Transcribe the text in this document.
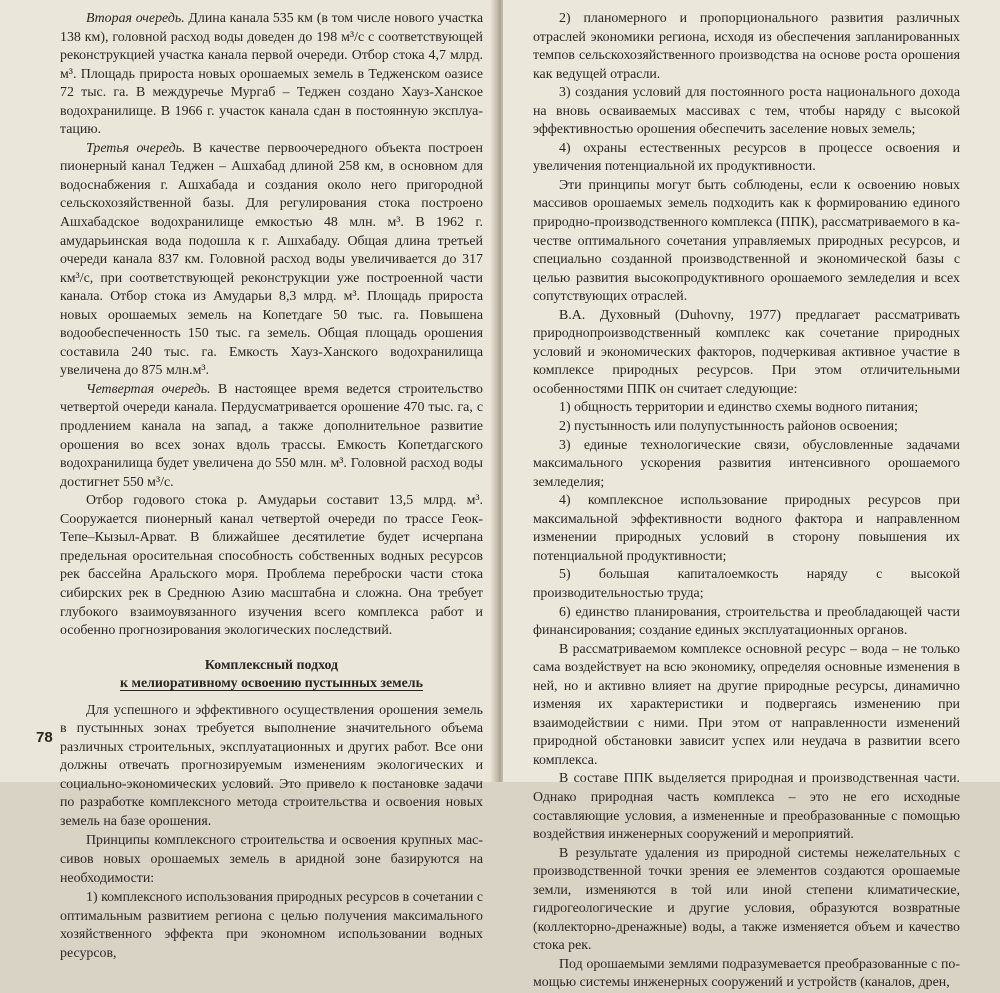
Вторая очередь. Длина канала 535 км (в том числе нового участка 138 км), головной расход воды доведен до 198 м³/с с соответствующей реконструкцией участка канала первой очереди. Отбор стока 4,7 млрд. м³. Площадь прироста новых орошаемых земель в Тедженском оазисе 72 тыс. га. В междуречье Мургаб – Теджен создано Хауз-Ханское водохранилище. В 1966 г. участок канала сдан в постоянную эксплуатацию.

Третья очередь. В качестве первоочередного объекта построен пионерный канал Теджен – Ашхабад длиной 258 км, в основном для водоснабжения г. Ашхабада и создания около него пригородной сельскохозяйственной базы. Для регулирования стока построено Ашхабадское водохранилище емкостью 48 млн. м³. В 1962 г. амударьинская вода подошла к г. Ашхабаду. Общая длина третьей очереди канала 837 км. Головной расход воды увеличивается до 317 км³/с, при соответствующей реконструкции уже построенной части канала. Отбор стока из Амударьи 8,3 млрд. м³. Площадь прироста новых орошаемых земель на Копетдаге 50 тыс. га. Повышена водообеспеченность 150 тыс. га земель. Общая площадь орошения составила 240 тыс. га. Емкость Хауз-Ханского водохранилища увеличена до 875 млн.м³.

Четвертая очередь. В настоящее время ведется строительство четвертой очереди канала. Пердусматривается орошение 470 тыс. га, с продлением канала на запад, а также дополнительное развитие орошения во всех зонах вдоль трассы. Емкость Копетдагского водохранилища будет увеличена до 550 млн. м³. Головной расход воды достигнет 550 м³/с.

Отбор годового стока р. Амударьи составит 13,5 млрд. м³. Сооружается пионерный канал четвертой очереди по трассе Геок-Тепе–Кызыл-Арват. В ближайшее десятилетие будет исчерпана предельная оросительная способность собственных водных ресурсов рек бассейна Аральского моря. Проблема переброски части стока сибирских рек в Среднюю Азию масштабна и сложна. Она требует глубокого взаимоувязанного изучения всего комплекса работ и особенно прогнозирования экологических последствий.

Комплексный подход
к мелиоративному освоению пустынных земель

Для успешного и эффективного осуществления орошения земель в пустынных зонах требуется выполнение значительного объема различных строительных, эксплуатационных и других работ. Все они должны отвечать прогнозируемым изменениям экологических и социально-экономических условий. Это привело к постановке задачи по разработке комплексного метода строительства и освоения новых земель на базе орошения.

Принципы комплексного строительства и освоения крупных массивов новых орошаемых земель в аридной зоне базируются на необходимости:

1) комплексного использования природных ресурсов в сочетании с оптимальным развитием региона с целью получения максимального хозяйственного эффекта при экономном использовании водных ресурсов,

78

2) планомерного и пропорционального развития различных отраслей экономики региона, исходя из обеспечения запланированных темпов сельскохозяйственного производства на основе роста орошения как ведущей отрасли.

3) создания условий для постоянного роста национального дохода на вновь осваиваемых массивах с тем, чтобы наряду с высокой эффективностью орошения обеспечить заселение новых земель;

4) охраны естественных ресурсов в процессе освоения и увеличения потенциальной их продуктивности.

Эти принципы могут быть соблюдены, если к освоению новых массивов орошаемых земель подходить как к формированию единого природно-производственного комплекса (ППК), рассматриваемого в качестве оптимального сочетания управляемых природных ресурсов, и специально созданной производственной и экономической базы с целью развития высокопродуктивного орошаемого земледелия и всех сопутствующих отраслей.

В.А. Духовный (Duhovny, 1977) предлагает рассматривать природнопроизводственный комплекс как сочетание природных условий и экономических факторов, подчеркивая активное участие в комплексе природных ресурсов. При этом отличительными особенностями ППК он считает следующие:

1) общность территории и единство схемы водного питания;

2) пустынность или полупустынность районов освоения;

3) единые технологические связи, обусловленные задачами максимального ускорения развития интенсивного орошаемого земледелия;

4) комплексное использование природных ресурсов при максимальной эффективности водного фактора и направленном изменении природных условий в сторону повышения их потенциальной продуктивности;

5) большая капиталоемкость наряду с высокой производительностью труда;

6) единство планирования, строительства и преобладающей части финансирования; создание единых эксплуатационных органов.

В рассматриваемом комплексе основной ресурс – вода – не только сама воздействует на всю экономику, определяя основные изменения в ней, но и активно влияет на другие природные ресурсы, динамично изменяя их характеристики и подвергаясь изменению при взаимодействии с ними. При этом от направленности изменений природной обстановки зависит успех или неудача в развитии всего комплекса.

В составе ППК выделяется природная и производственная части. Однако природная часть комплекса – это не его исходные составляющие условия, а измененные и преобразованные с помощью воздействия инженерных сооружений и мероприятий.

В результате удаления из природной системы нежелательных с производственной точки зрения ее элементов создаются орошаемые земли, изменяются в той или иной степени климатические, гидрогеологические и другие условия, образуются возвратные (коллекторно-дренажные) воды, а также изменяется объем и качество стока рек.

Под орошаемыми землями подразумевается преобразованные с помощью системы инженерных сооружений и устройств (каналов, дрен,
